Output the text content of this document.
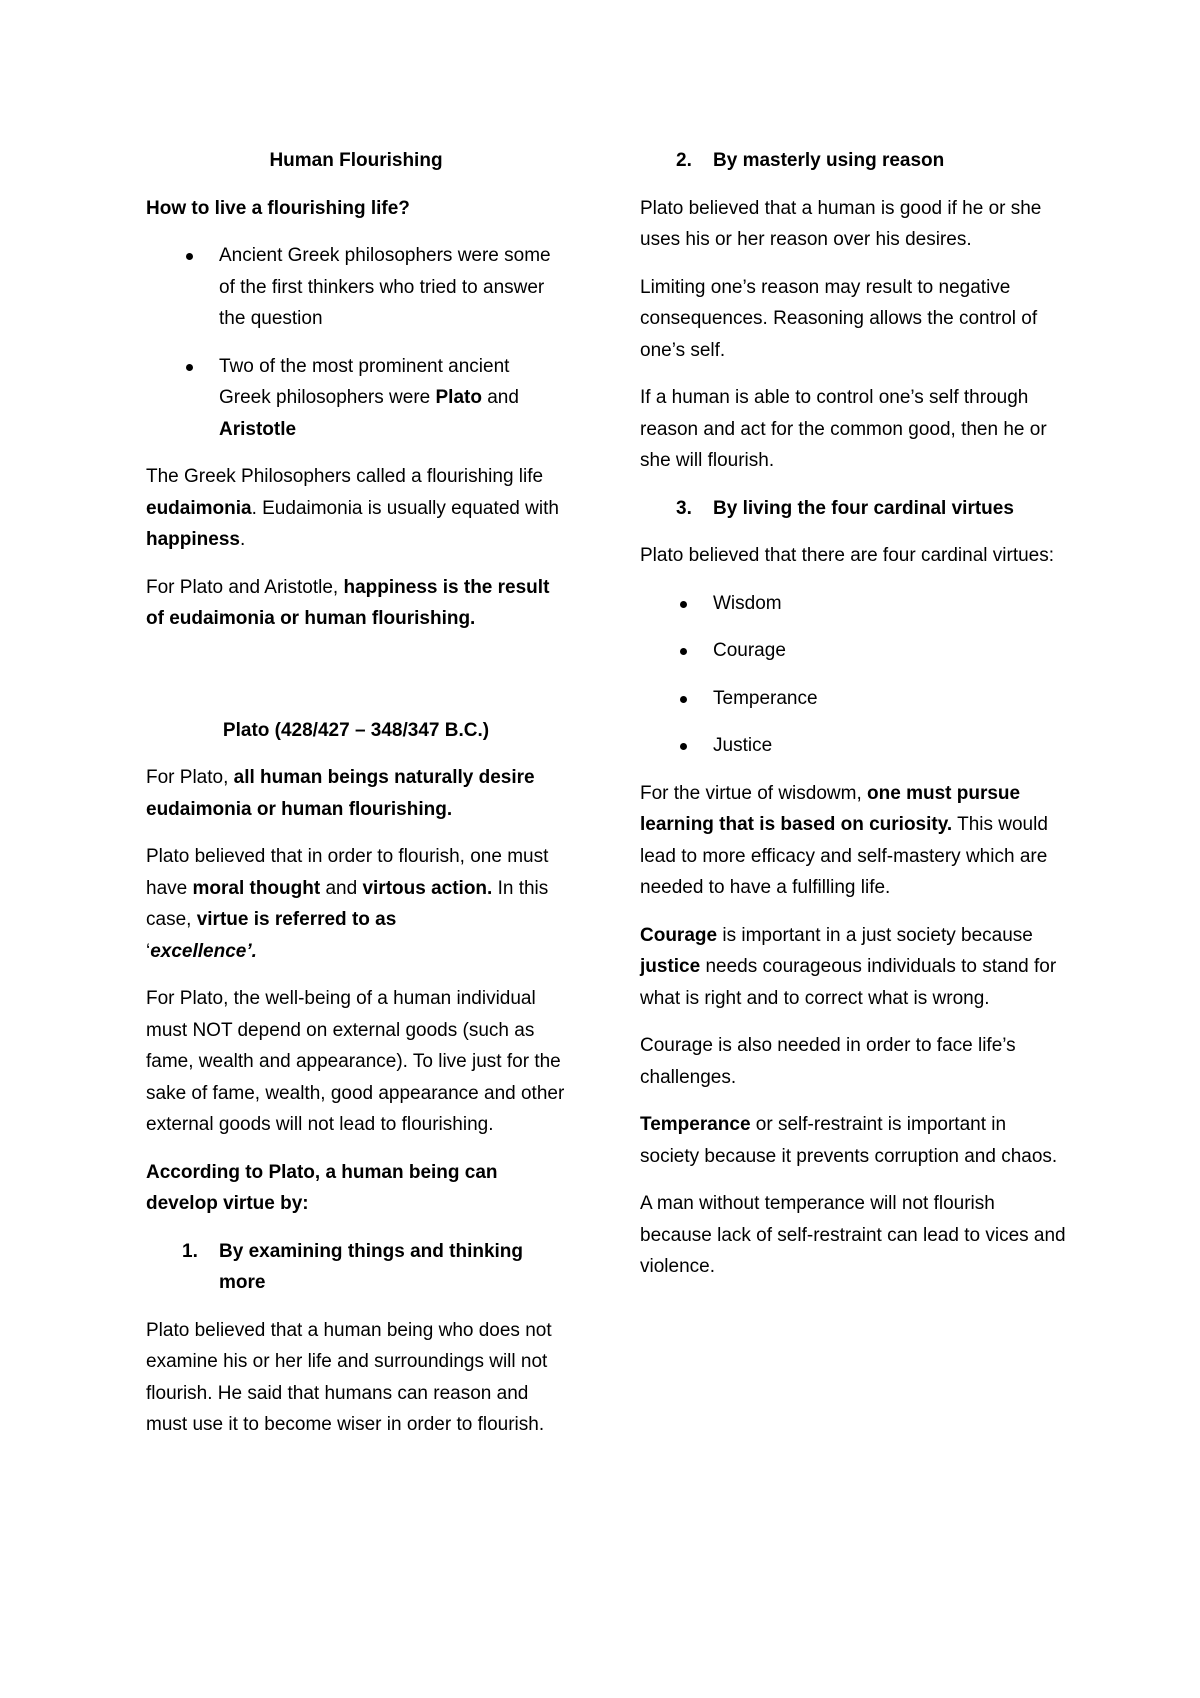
Human Flourishing

How to live a flourishing life?

Ancient Greek philosophers were some of the first thinkers who tried to answer the question

Two of the most prominent ancient Greek philosophers were Plato and Aristotle

The Greek Philosophers called a flourishing life eudaimonia. Eudaimonia is usually equated with happiness.

For Plato and Aristotle, happiness is the result of eudaimonia or human flourishing.

Plato (428/427 – 348/347 B.C.)

For Plato, all human beings naturally desire eudaimonia or human flourishing.

Plato believed that in order to flourish, one must have moral thought and virtous action. In this case, virtue is referred to as
‘excellence’.

For Plato, the well-being of a human individual must NOT depend on external goods (such as fame, wealth and appearance). To live just for the sake of fame, wealth, good appearance and other external goods will not lead to flourishing.

According to Plato, a human being can develop virtue by:

1. By examining things and thinking more

Plato believed that a human being who does not examine his or her life and surroundings will not flourish. He said that humans can reason and must use it to become wiser in order to flourish.

2. By masterly using reason

Plato believed that a human is good if he or she uses his or her reason over his desires.

Limiting one’s reason may result to negative consequences. Reasoning allows the control of one’s self.

If a human is able to control one’s self through reason and act for the common good, then he or she will flourish.

3. By living the four cardinal virtues

Plato believed that there are four cardinal virtues:

Wisdom

Courage

Temperance

Justice

For the virtue of wisdowm, one must pursue learning that is based on curiosity. This would lead to more efficacy and self-mastery which are needed to have a fulfilling life.

Courage is important in a just society because justice needs courageous individuals to stand for what is right and to correct what is wrong.

Courage is also needed in order to face life’s challenges.

Temperance or self-restraint is important in society because it prevents corruption and chaos.

A man without temperance will not flourish because lack of self-restraint can lead to vices and violence.
